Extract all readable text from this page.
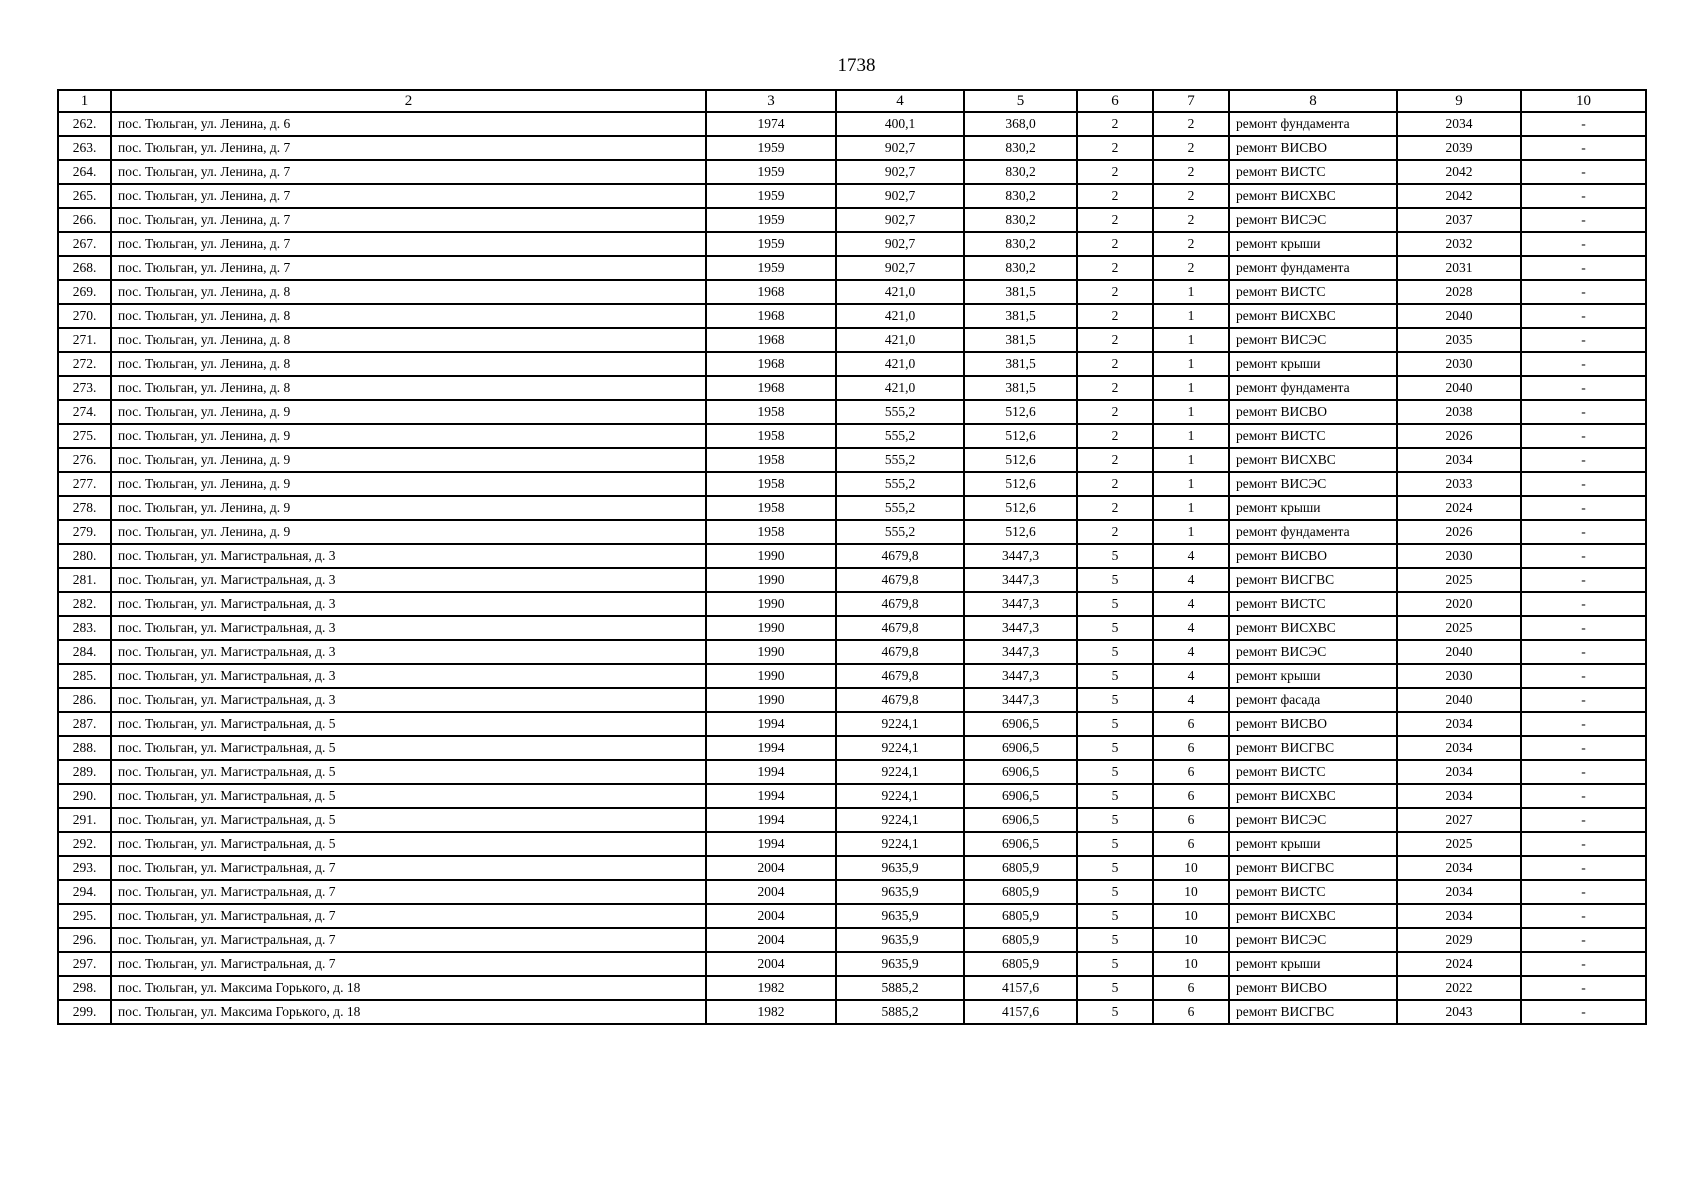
1738
1	2	3	4	5	6	7	8	9	10
262.	пос. Тюльган, ул. Ленина, д. 6	1974	400,1	368,0	2	2	ремонт фундамента	2034	-
263.	пос. Тюльган, ул. Ленина, д. 7	1959	902,7	830,2	2	2	ремонт ВИСВО	2039	-
264.	пос. Тюльган, ул. Ленина, д. 7	1959	902,7	830,2	2	2	ремонт ВИСТС	2042	-
265.	пос. Тюльган, ул. Ленина, д. 7	1959	902,7	830,2	2	2	ремонт ВИСХВС	2042	-
266.	пос. Тюльган, ул. Ленина, д. 7	1959	902,7	830,2	2	2	ремонт ВИСЭС	2037	-
267.	пос. Тюльган, ул. Ленина, д. 7	1959	902,7	830,2	2	2	ремонт крыши	2032	-
268.	пос. Тюльган, ул. Ленина, д. 7	1959	902,7	830,2	2	2	ремонт фундамента	2031	-
269.	пос. Тюльган, ул. Ленина, д. 8	1968	421,0	381,5	2	1	ремонт ВИСТС	2028	-
270.	пос. Тюльган, ул. Ленина, д. 8	1968	421,0	381,5	2	1	ремонт ВИСХВС	2040	-
271.	пос. Тюльган, ул. Ленина, д. 8	1968	421,0	381,5	2	1	ремонт ВИСЭС	2035	-
272.	пос. Тюльган, ул. Ленина, д. 8	1968	421,0	381,5	2	1	ремонт крыши	2030	-
273.	пос. Тюльган, ул. Ленина, д. 8	1968	421,0	381,5	2	1	ремонт фундамента	2040	-
274.	пос. Тюльган, ул. Ленина, д. 9	1958	555,2	512,6	2	1	ремонт ВИСВО	2038	-
275.	пос. Тюльган, ул. Ленина, д. 9	1958	555,2	512,6	2	1	ремонт ВИСТС	2026	-
276.	пос. Тюльган, ул. Ленина, д. 9	1958	555,2	512,6	2	1	ремонт ВИСХВС	2034	-
277.	пос. Тюльган, ул. Ленина, д. 9	1958	555,2	512,6	2	1	ремонт ВИСЭС	2033	-
278.	пос. Тюльган, ул. Ленина, д. 9	1958	555,2	512,6	2	1	ремонт крыши	2024	-
279.	пос. Тюльган, ул. Ленина, д. 9	1958	555,2	512,6	2	1	ремонт фундамента	2026	-
280.	пос. Тюльган, ул. Магистральная, д. 3	1990	4679,8	3447,3	5	4	ремонт ВИСВО	2030	-
281.	пос. Тюльган, ул. Магистральная, д. 3	1990	4679,8	3447,3	5	4	ремонт ВИСГВС	2025	-
282.	пос. Тюльган, ул. Магистральная, д. 3	1990	4679,8	3447,3	5	4	ремонт ВИСТС	2020	-
283.	пос. Тюльган, ул. Магистральная, д. 3	1990	4679,8	3447,3	5	4	ремонт ВИСХВС	2025	-
284.	пос. Тюльган, ул. Магистральная, д. 3	1990	4679,8	3447,3	5	4	ремонт ВИСЭС	2040	-
285.	пос. Тюльган, ул. Магистральная, д. 3	1990	4679,8	3447,3	5	4	ремонт крыши	2030	-
286.	пос. Тюльган, ул. Магистральная, д. 3	1990	4679,8	3447,3	5	4	ремонт фасада	2040	-
287.	пос. Тюльган, ул. Магистральная, д. 5	1994	9224,1	6906,5	5	6	ремонт ВИСВО	2034	-
288.	пос. Тюльган, ул. Магистральная, д. 5	1994	9224,1	6906,5	5	6	ремонт ВИСГВС	2034	-
289.	пос. Тюльган, ул. Магистральная, д. 5	1994	9224,1	6906,5	5	6	ремонт ВИСТС	2034	-
290.	пос. Тюльган, ул. Магистральная, д. 5	1994	9224,1	6906,5	5	6	ремонт ВИСХВС	2034	-
291.	пос. Тюльган, ул. Магистральная, д. 5	1994	9224,1	6906,5	5	6	ремонт ВИСЭС	2027	-
292.	пос. Тюльган, ул. Магистральная, д. 5	1994	9224,1	6906,5	5	6	ремонт крыши	2025	-
293.	пос. Тюльган, ул. Магистральная, д. 7	2004	9635,9	6805,9	5	10	ремонт ВИСГВС	2034	-
294.	пос. Тюльган, ул. Магистральная, д. 7	2004	9635,9	6805,9	5	10	ремонт ВИСТС	2034	-
295.	пос. Тюльган, ул. Магистральная, д. 7	2004	9635,9	6805,9	5	10	ремонт ВИСХВС	2034	-
296.	пос. Тюльган, ул. Магистральная, д. 7	2004	9635,9	6805,9	5	10	ремонт ВИСЭС	2029	-
297.	пос. Тюльган, ул. Магистральная, д. 7	2004	9635,9	6805,9	5	10	ремонт крыши	2024	-
298.	пос. Тюльган, ул. Максима Горького, д. 18	1982	5885,2	4157,6	5	6	ремонт ВИСВО	2022	-
299.	пос. Тюльган, ул. Максима Горького, д. 18	1982	5885,2	4157,6	5	6	ремонт ВИСГВС	2043	-
